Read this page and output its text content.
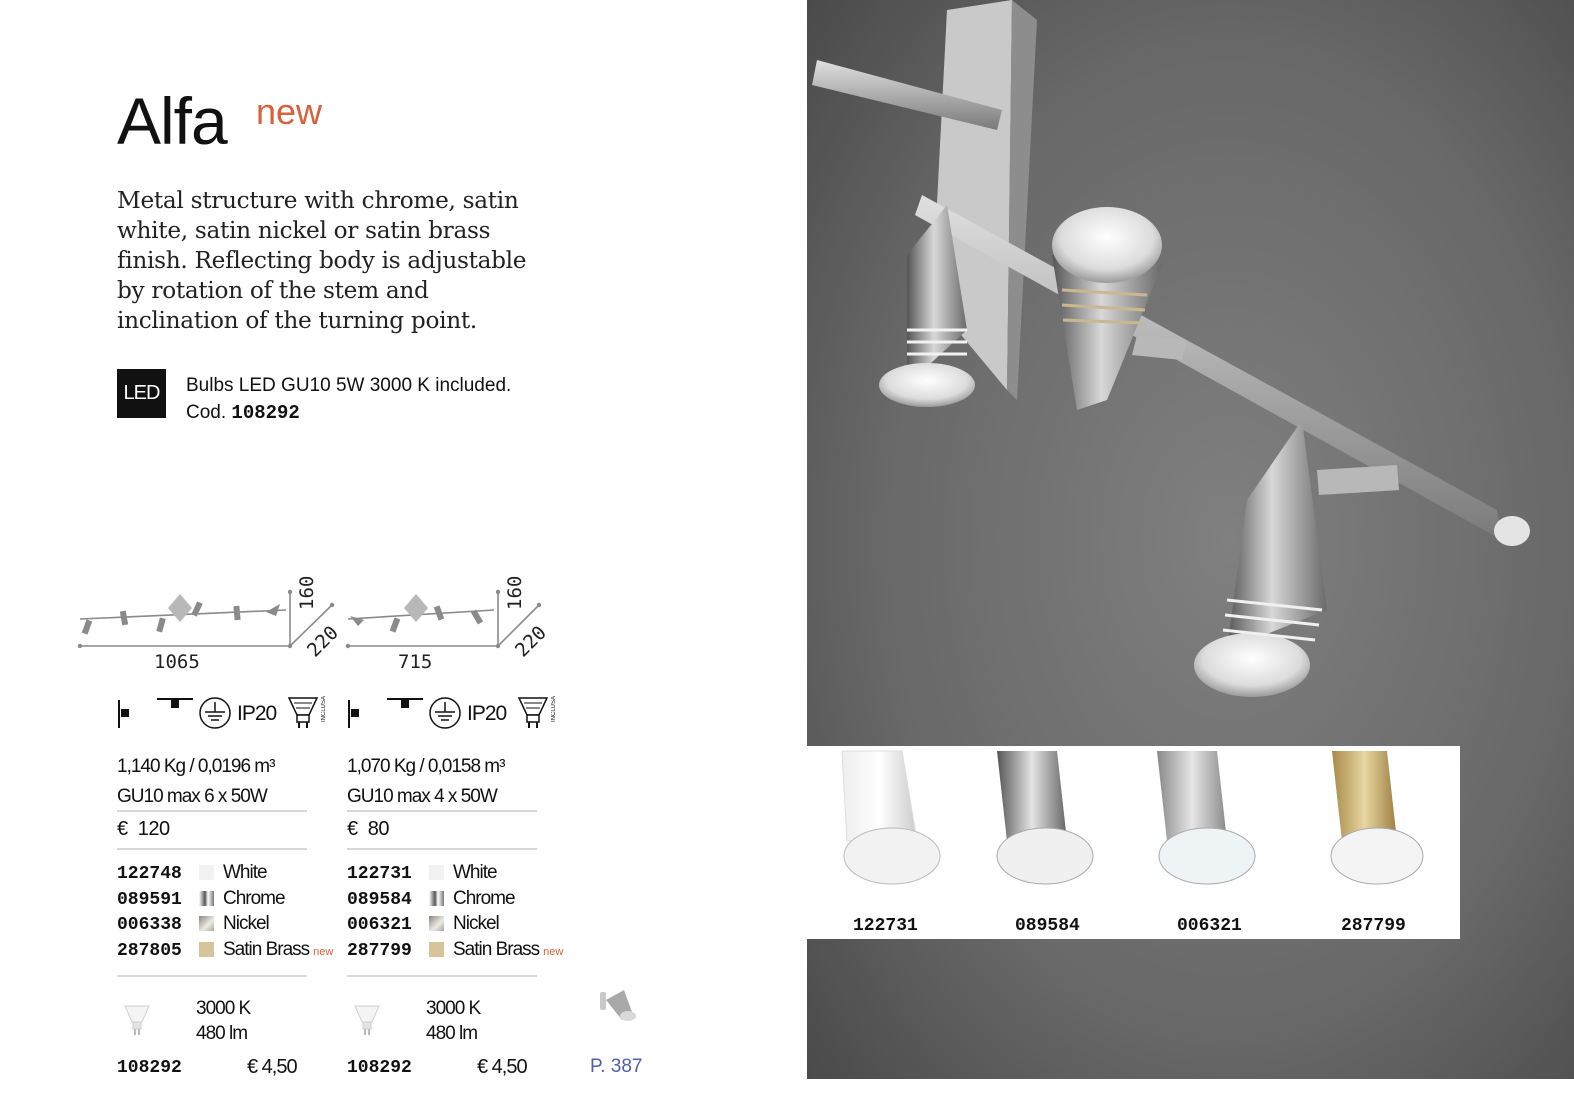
Alfa new
Metal structure with chrome, satin white, satin nickel or satin brass finish. Reflecting body is adjustable by rotation of the stem and inclination of the turning point.
LED	Bulbs LED GU10 5W 3000 K included.
Cod. 108292
1065
160
220
715
160
220
IP20	INCLUSA	IP20	INCLUSA
1,140 Kg / 0,0196 m³
GU10 max 6 x 50W
€ 120
122748 White
089591 Chrome
006338 Nickel
287805 Satin Brass new
1,070 Kg / 0,0158 m³
GU10 max 4 x 50W
€ 80
122731 White
089584 Chrome
006321 Nickel
287799 Satin Brass new
3000 K
480 lm
108292	€ 4,50
3000 K
480 lm
108292	€ 4,50	P. 387
122731	089584	006321	287799
